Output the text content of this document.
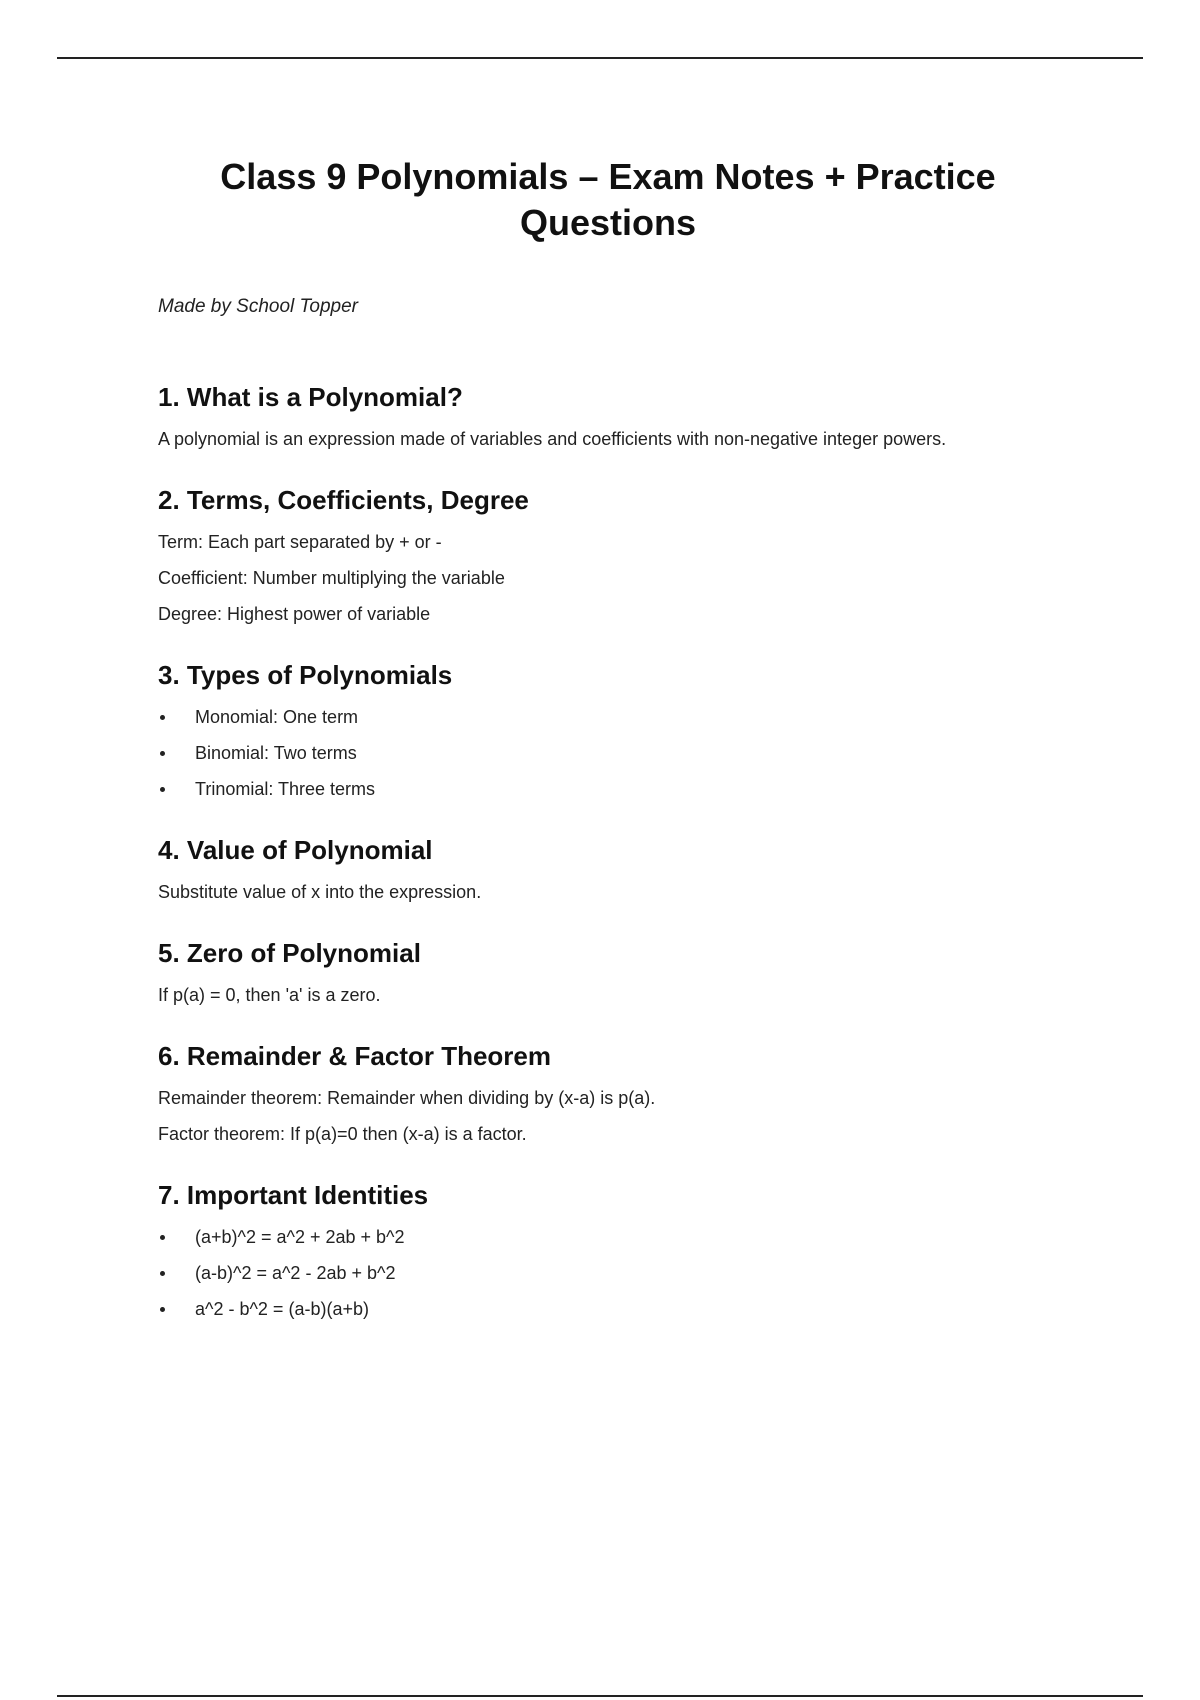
Class 9 Polynomials – Exam Notes + Practice Questions
Made by School Topper
1. What is a Polynomial?

A polynomial is an expression made of variables and coefficients with non-negative integer powers.

2. Terms, Coefficients, Degree

Term: Each part separated by + or -

Coefficient: Number multiplying the variable

Degree: Highest power of variable

3. Types of Polynomials
Monomial: One term
Binomial: Two terms
Trinomial: Three terms
4. Value of Polynomial

Substitute value of x into the expression.

5. Zero of Polynomial

If p(a) = 0, then 'a' is a zero.

6. Remainder & Factor Theorem

Remainder theorem: Remainder when dividing by (x-a) is p(a).

Factor theorem: If p(a)=0 then (x-a) is a factor.

7. Important Identities
(a+b)^2 = a^2 + 2ab + b^2
(a-b)^2 = a^2 - 2ab + b^2
a^2 - b^2 = (a-b)(a+b)
